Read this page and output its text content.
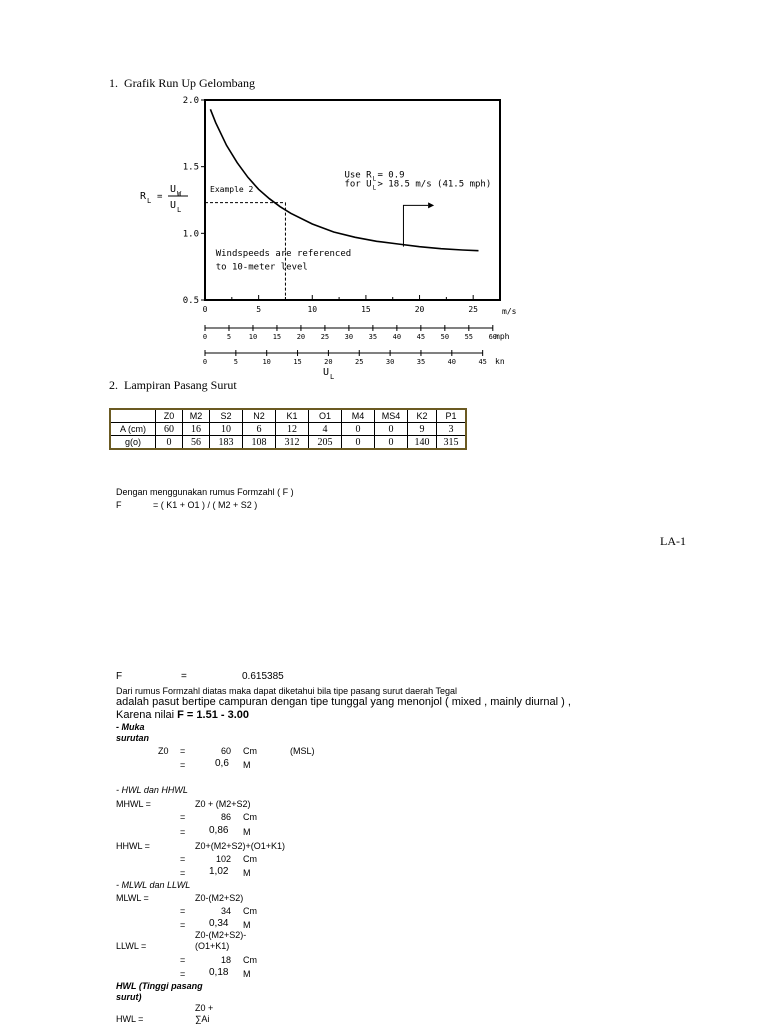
1. Grafik Run Up Gelombang
2.0
1.5
1.0
0.5
0	5	10	15	20	25	m/s
0	5	10 15 20 25 30 35 40 45 50 55 60
mph
0	5	10	15	20	25	30	35	40	45 kn
U L
R L =
U W
U L
Example 2
Use R L = 0.9
for U L > 18.5 m/s (41.5 mph)
Windspeeds are referenced
to 10-meter level
2. Lampiran Pasang Surut
	Z0	M2	S2	N2	K1	O1	M4	MS4	K2	P1
A (cm)	60	16	10	6	12	4	0	0	9	3
g(o)	0	56	183	108	312	205	0	0	140	315
Dengan menggunakan rumus Formzahl ( F )
F	= ( K1 + O1 ) / ( M2 + S2 )
LA-1
F	=	0.615385
Dari rumus Formzahl diatas maka dapat diketahui bila tipe pasang surut daerah Tegal
adalah pasut bertipe campuran dengan tipe tunggal yang menonjol ( mixed , mainly diurnal ) ,
Karena nilai F = 1.51 - 3.00
- Muka
surutan
Z0 =	60 Cm	(MSL)
=	0,6 M
- HWL dan HHWL
MHWL =	Z0 + (M2+S2)
=	86 Cm
= 0,86 M
HHWL =	Z0+(M2+S2)+(O1+K1)
=	102 Cm
= 1,02 M
- MLWL dan LLWL
MLWL =	Z0-(M2+S2)
=	34 Cm
= 0,34 M
Z0-(M2+S2)-
LLWL =	(O1+K1)
=	18 Cm
= 0,18 M
HWL (Tinggi pasang
surut)
Z0 +
HWL =	∑Ai
